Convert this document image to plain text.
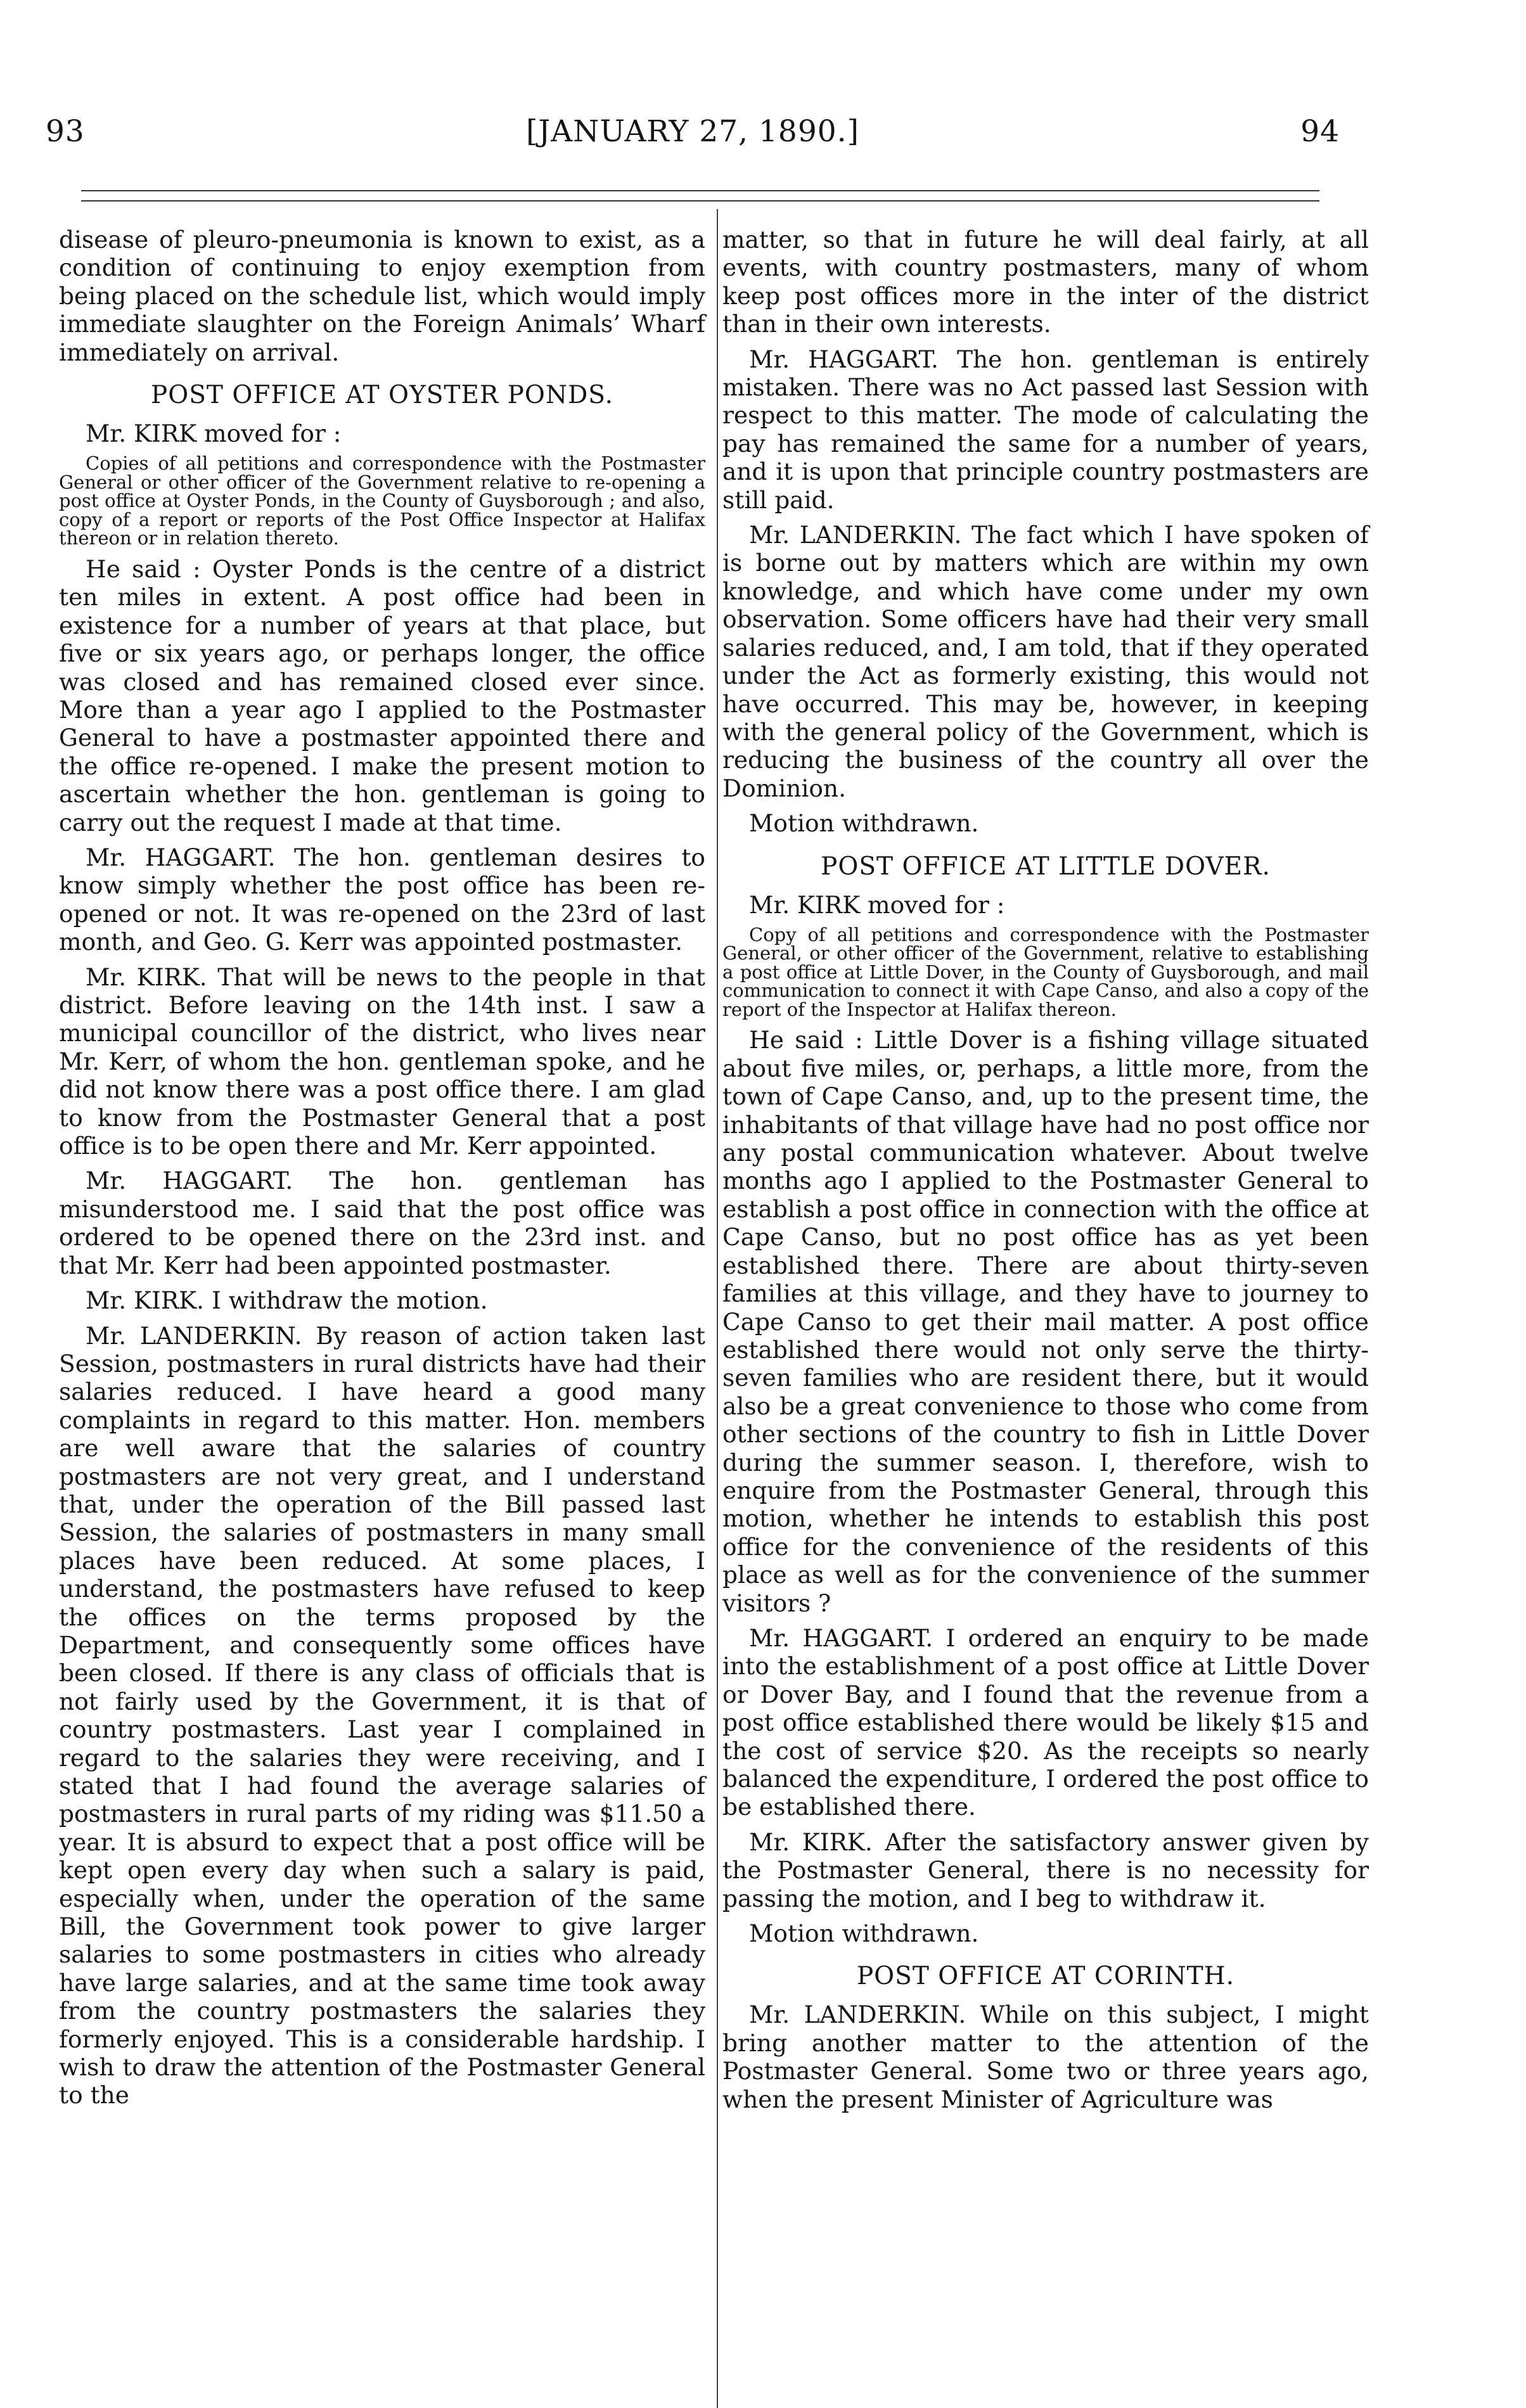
93	[JANUARY 27, 1890.]	94

disease of pleuro-pneumonia is known to exist, as a condition of continuing to enjoy exemption from being placed on the schedule list, which would imply immediate slaughter on the Foreign Animals’ Wharf immediately on arrival.

POST OFFICE AT OYSTER PONDS.

Mr. KIRK moved for :

Copies of all petitions and correspondence with the Postmaster General or other officer of the Government relative to re-opening a post office at Oyster Ponds, in the County of Guysborough ; and also, copy of a report or reports of the Post Office Inspector at Halifax thereon or in relation thereto.

He said : Oyster Ponds is the centre of a district ten miles in extent. A post office had been in existence for a number of years at that place, but five or six years ago, or perhaps longer, the office was closed and has remained closed ever since. More than a year ago I applied to the Postmaster General to have a postmaster appointed there and the office re-opened. I make the present motion to ascertain whether the hon. gentleman is going to carry out the request I made at that time.

Mr. HAGGART. The hon. gentleman desires to know simply whether the post office has been re-opened or not. It was re-opened on the 23rd of last month, and Geo. G. Kerr was appointed postmaster.

Mr. KIRK. That will be news to the people in that district. Before leaving on the 14th inst. I saw a municipal councillor of the district, who lives near Mr. Kerr, of whom the hon. gentleman spoke, and he did not know there was a post office there. I am glad to know from the Postmaster General that a post office is to be open there and Mr. Kerr appointed.

Mr. HAGGART. The hon. gentleman has misunderstood me. I said that the post office was ordered to be opened there on the 23rd inst. and that Mr. Kerr had been appointed postmaster.

Mr. KIRK. I withdraw the motion.

Mr. LANDERKIN. By reason of action taken last Session, postmasters in rural districts have had their salaries reduced. I have heard a good many complaints in regard to this matter. Hon. members are well aware that the salaries of country postmasters are not very great, and I understand that, under the operation of the Bill passed last Session, the salaries of postmasters in many small places have been reduced. At some places, I understand, the postmasters have refused to keep the offices on the terms proposed by the Department, and consequently some offices have been closed. If there is any class of officials that is not fairly used by the Government, it is that of country postmasters. Last year I complained in regard to the salaries they were receiving, and I stated that I had found the average salaries of postmasters in rural parts of my riding was $11.50 a year. It is absurd to expect that a post office will be kept open every day when such a salary is paid, especially when, under the operation of the same Bill, the Government took power to give larger salaries to some postmasters in cities who already have large salaries, and at the same time took away from the country postmasters the salaries they formerly enjoyed. This is a considerable hardship. I wish to draw the attention of the Postmaster General to the

matter, so that in future he will deal fairly, at all events, with country postmasters, many of whom keep post offices more in the inter of the district than in their own interests.

Mr. HAGGART. The hon. gentleman is entirely mistaken. There was no Act passed last Session with respect to this matter. The mode of calculating the pay has remained the same for a number of years, and it is upon that principle country postmasters are still paid.

Mr. LANDERKIN. The fact which I have spoken of is borne out by matters which are within my own knowledge, and which have come under my own observation. Some officers have had their very small salaries reduced, and, I am told, that if they operated under the Act as formerly existing, this would not have occurred. This may be, however, in keeping with the general policy of the Government, which is reducing the business of the country all over the Dominion.

Motion withdrawn.

POST OFFICE AT LITTLE DOVER.

Mr. KIRK moved for :

Copy of all petitions and correspondence with the Postmaster General, or other officer of the Government, relative to establishing a post office at Little Dover, in the County of Guysborough, and mail communication to connect it with Cape Canso, and also a copy of the report of the Inspector at Halifax thereon.

He said : Little Dover is a fishing village situated about five miles, or, perhaps, a little more, from the town of Cape Canso, and, up to the present time, the inhabitants of that village have had no post office nor any postal communication whatever. About twelve months ago I applied to the Postmaster General to establish a post office in connection with the office at Cape Canso, but no post office has as yet been established there. There are about thirty-seven families at this village, and they have to journey to Cape Canso to get their mail matter. A post office established there would not only serve the thirty-seven families who are resident there, but it would also be a great convenience to those who come from other sections of the country to fish in Little Dover during the summer season. I, therefore, wish to enquire from the Postmaster General, through this motion, whether he intends to establish this post office for the convenience of the residents of this place as well as for the convenience of the summer visitors ?

Mr. HAGGART. I ordered an enquiry to be made into the establishment of a post office at Little Dover or Dover Bay, and I found that the revenue from a post office established there would be likely $15 and the cost of service $20. As the receipts so nearly balanced the expenditure, I ordered the post office to be established there.

Mr. KIRK. After the satisfactory answer given by the Postmaster General, there is no necessity for passing the motion, and I beg to withdraw it.

Motion withdrawn.

POST OFFICE AT CORINTH.

Mr. LANDERKIN. While on this subject, I might bring another matter to the attention of the Postmaster General. Some two or three years ago, when the present Minister of Agriculture was
